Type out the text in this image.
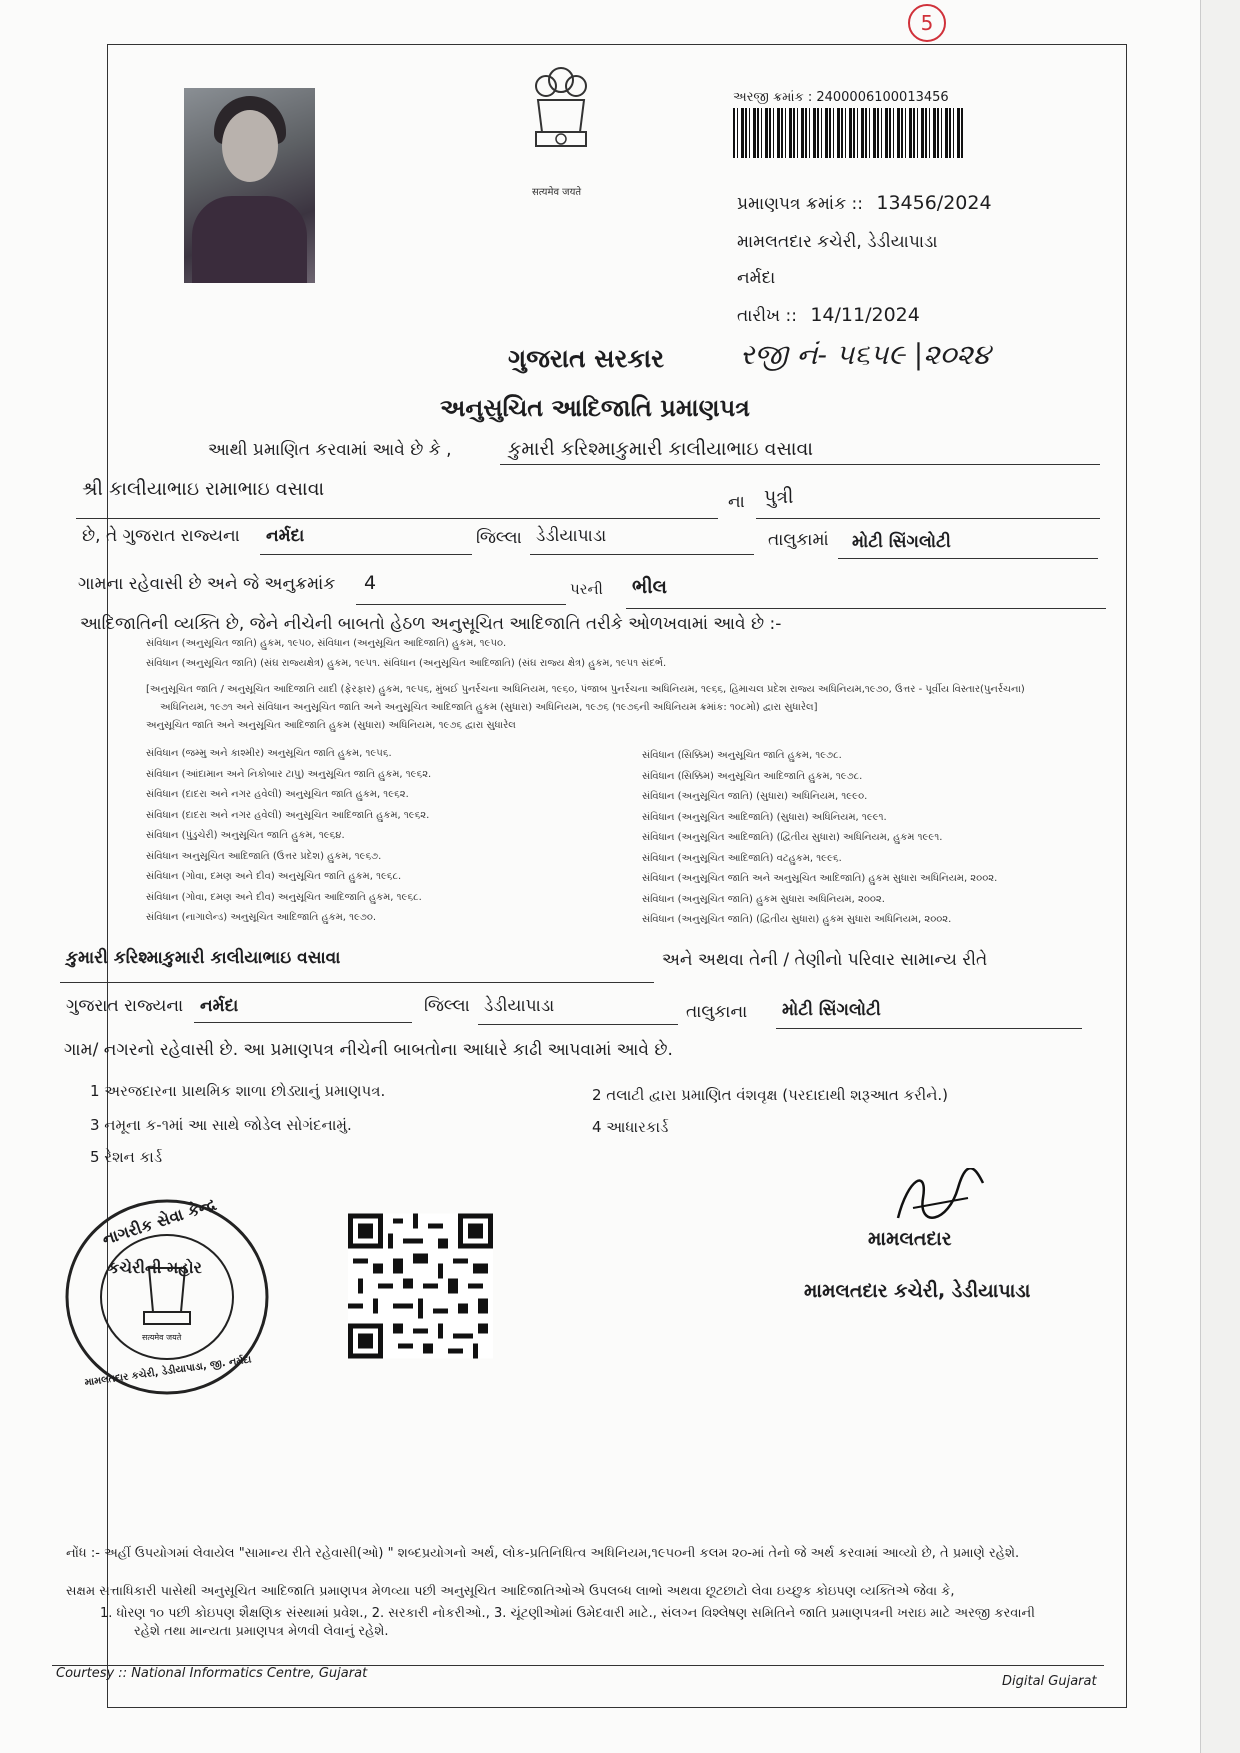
5
सत्यमेव जयते
અરજી ક્રમાંક : 2400006100013456
પ્રમાણપત્ર ક્રમાંક :: 13456/2024
મામલતદાર કચેરી, ડેડીયાપાડા
નર્મદા
તારીખ :: 14/11/2024
રજી નં- ૫૬૫૯ |૨૦૨૪
ગુજરાત સરકાર
અનુસુચિત આદિજાતિ પ્રમાણપત્ર
આથી પ્રમાણિત કરવામાં આવે છે કે ,	કુમારી કરિશ્માકુમારી કાલીયાભાઇ વસાવા
શ્રી કાલીયાભાઇ રામાભાઇ વસાવા
ના પુત્રી
છે, તે ગુજરાત રાજ્યના નર્મદા	જિલ્લા ડેડીયાપાડા	તાલુકામાં મોટી સિંગલોટી
ગામના રહેવાસી છે અને જે અનુક્રમાંક 4	પરની ભીલ
આદિજાતિની વ્યક્તિ છે, જેને નીચેની બાબતો હેઠળ અનુસૂચિત આદિજાતિ તરીકે ઓળખવામાં આવે છે :-
સંવિધાન (અનુસૂચિત જાતિ) હુકમ, ૧૯૫૦, સંવિધાન (અનુસૂચિત આદિજાતિ) હુકમ, ૧૯૫૦.
સંવિધાન (અનુસૂચિત જાતિ) (સંઘ રાજ્યક્ષેત્ર) હુકમ, ૧૯૫૧. સંવિધાન (અનુસૂચિત આદિજાતિ) (સંઘ રાજ્ય ક્ષેત્ર) હુકમ, ૧૯૫૧ સંદર્ભ.
[અનુસૂચિત જાતિ / અનુસૂચિત આદિજાતિ યાદી (ફેરફાર) હુકમ, ૧૯૫૬, મુંબઈ પુનર્રચના અધિનિયમ, ૧૯૬૦, પંજાબ પુનર્રચના અધિનિયમ, ૧૯૬૬, હિમાચલ પ્રદેશ રાજ્ય અધિનિયમ,૧૯૭૦, ઉત્તર - પૂર્વીય વિસ્તાર(પુનર્રચના)
અધિનિયમ, ૧૯૭૧ અને સંવિધાન અનુસૂચિત જાતિ અને અનુસૂચિત આદિજાતિ હુકમ (સુધારા) અધિનિયમ, ૧૯૭૬ (૧૯૭૬ની અધિનિયમ ક્રમાંક: ૧૦૮મો) દ્વારા સુધારેલ]
અનુસૂચિત જાતિ અને અનુસૂચિત આદિજાતિ હુકમ (સુધારા) અધિનિયમ, ૧૯૭૬ દ્વારા સુધારેલ
સંવિધાન (જમ્મુ અને કાશ્મીર) અનુસૂચિત જાતિ હુકમ, ૧૯૫૬.
સંવિધાન (આંદામાન અને નિકોબાર ટાપુ) અનુસૂચિત જાતિ હુકમ, ૧૯૬૨.
સંવિધાન (દાદરા અને નગર હવેલી) અનુસૂચિત જાતિ હુકમ, ૧૯૬૨.
સંવિધાન (દાદરા અને નગર હવેલી) અનુસૂચિત આદિજાતિ હુકમ, ૧૯૬૨.
સંવિધાન (પુંડુચેરી) અનુસૂચિત જાતિ હુકમ, ૧૯૬૪.
સંવિધાન અનુસૂચિત આદિજાતિ (ઉત્તર પ્રદેશ) હુકમ, ૧૯૬૭.
સંવિધાન (ગોવા, દમણ અને દીવ) અનુસૂચિત જાતિ હુકમ, ૧૯૬૮.
સંવિધાન (ગોવા, દમણ અને દીવ) અનુસૂચિત આદિજાતિ હુકમ, ૧૯૬૮.
સંવિધાન (નાગાલેન્ડ) અનુસૂચિત આદિજાતિ હુકમ, ૧૯૭૦.
સંવિધાન (સિક્કિમ) અનુસૂચિત જાતિ હુકમ, ૧૯૭૮.
સંવિધાન (સિક્કિમ) અનુસૂચિત આદિજાતિ હુકમ, ૧૯૭૮.
સંવિધાન (અનુસૂચિત જાતિ) (સુધારા) અધિનિયમ, ૧૯૯૦.
સંવિધાન (અનુસૂચિત આદિજાતિ) (સુધારા) અધિનિયમ, ૧૯૯૧.
સંવિધાન (અનુસૂચિત આદિજાતિ) (દ્વિતીય સુધારા) અધિનિયમ, હુકમ ૧૯૯૧.
સંવિધાન (અનુસૂચિત આદિજાતિ) વટહુકમ, ૧૯૯૬.
સંવિધાન (અનુસૂચિત જાતિ અને અનુસૂચિત આદિજાતિ) હુકમ સુધારા અધિનિયમ, ૨૦૦૨.
સંવિધાન (અનુસૂચિત જાતિ) હુકમ સુધારા અધિનિયમ, ૨૦૦૨.
સંવિધાન (અનુસૂચિત જાતિ) (દ્વિતીય સુધારા) હુકમ સુધારા અધિનિયમ, ૨૦૦૨.
કુમારી કરિશ્માકુમારી કાલીયાભાઇ વસાવા	અને અથવા તેની / તેણીનો પરિવાર સામાન્ય રીતે
ગુજરાત રાજ્યના નર્મદા	જિલ્લા ડેડીયાપાડા	તાલુકાના મોટી સિંગલોટી
ગામ/ નગરનો રહેવાસી છે. આ પ્રમાણપત્ર નીચેની બાબતોના આધારે કાઢી આપવામાં આવે છે.
1 અરજદારના પ્રાથમિક શાળા છોડ્યાનું પ્રમાણપત્ર.	2 તલાટી દ્વારા પ્રમાણિત વંશવૃક્ષ (પરદાદાથી શરૂઆત કરીને.)
3 નમૂના ક-૧માં આ સાથે જોડેલ સોગંદનામું.	4 આધારકાર્ડ
5 રેશન કાર્ડ
નાગરીક સેવા કેન્દ્ર
કચેરીની મહોર
सत्यमेव जयते
મામલતદાર કચેરી, ડેડીયાપાડા, જી. નર્મદા
મામલતદાર
મામલતદાર કચેરી, ડેડીયાપાડા
નોંધ :- અહીં ઉપયોગમાં લેવાયેલ "સામાન્ય રીતે રહેવાસી(ઓ) " શબ્દપ્રયોગનો અર્થ, લોક-પ્રતિનિધિત્વ અધિનિયમ,૧૯૫૦ની કલમ ૨૦-માં તેનો જે અર્થ કરવામાં આવ્યો છે, તે પ્રમાણે રહેશે.
સક્ષમ સત્તાધિકારી પાસેથી અનુસૂચિત આદિજાતિ પ્રમાણપત્ર મેળવ્યા પછી અનુસૂચિત આદિજાતિઓએ ઉપલબ્ધ લાભો અથવા છૂટછાટો લેવા ઇચ્છુક કોઇપણ વ્યક્તિએ જેવા કે,
1. ધોરણ ૧૦ પછી કોઇપણ શૈક્ષણિક સંસ્થામાં પ્રવેશ., 2. સરકારી નોકરીઓ., 3. ચૂંટણીઓમાં ઉમેદવારી માટે., સંલગ્ન વિશ્લેષણ સમિતિને જાતિ પ્રમાણપત્રની ખરાઇ માટે અરજી કરવાની
રહેશે તથા માન્યતા પ્રમાણપત્ર મેળવી લેવાનું રહેશે.
Courtesy :: National Informatics Centre, Gujarat
Digital Gujarat
